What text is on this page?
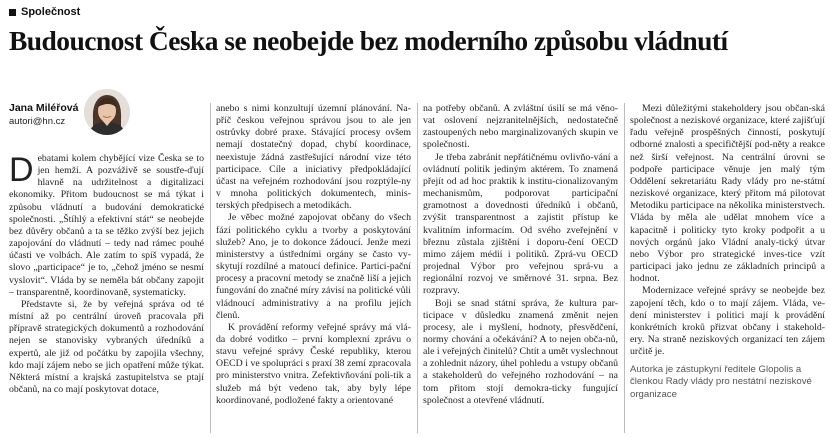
Společnost
Budoucnost Česka se neobejde bez moderního způsobu vládnutí
Jana Miléřová
autori@hn.cz
D ebatami kolem chybějící vize Česka se to jen hemží. A pozváživě se soustře-ďují hlavně na udržitelnost a digitalizaci ekonomiky. Přitom budoucnost se má týkat i způsobu vládnutí a budování demokratické společnosti. „Štíhlý a efektivní stát“ se neobejde bez důvěry občanů a ta se těžko zvýší bez jejich zapojování do vládnutí – tedy nad rámec pouhé účasti ve volbách. Ale zatím to spíš vypadá, že slovo „participace“ je to, „čehož jméno se nesmí vyslovit“. Vláda by se neměla bát občany zapojit – transparentně, koordinovaně, systematicky.

Představte si, že by veřejná správa od té místní až po centrální úroveň pracovala při přípravě strategických dokumentů a rozhodování nejen se stanovisky vybraných úředníků a expertů, ale již od počátku by zapojila všechny, kdo mají zájem nebo se jich opatření může týkat. Některá místní a krajská zastupitelstva se ptají občanů, na co mají poskytovat dotace,

anebo s nimi konzultují územní plánování. Na-příč českou veřejnou správou jsou to ale jen ostrůvky dobré praxe. Stávající procesy ovšem nemají dostatečný dopad, chybí koordinace, neexistuje žádná zastřešující národní vize této participace. Cíle a iniciativy předpokládající účast na veřejném rozhodování jsou rozptýle-ny v mnoha politických dokumentech, minis-terských předpisech a metodikách.

Je věbec možné zapojovat občany do všech fází politického cyklu a tvorby a poskytování služeb? Ano, je to dokonce žádoucí. Jenže mezi ministerstvy a ústředními orgány se často vy-skytují rozdílné a matoucí definice. Partici-pační procesy a pracovní metody se značně liší a jejich fungování do značné míry závisí na politické vůli vládnoucí administrativy a na profilu jejích členů.

K provádění reformy veřejné správy má vlá-da dobré voditko – první komplexní zprávu o stavu veřejné správy České republiky, kterou OECD i ve spolupráci s praxí 38 zemí zpracovala pro ministerstvo vnitra. Zefektivňování poli-tik a služeb má být vedeno tak, aby byly lépe koordinované, podložené fakty a orientované

na potřeby občanů. A zvláštní úsilí se má věno-vat oslovení nejzranitelnějších, nedostatečně zastoupených nebo marginalizovaných skupin ve společnosti.

Je třeba zabránit nepřátičnému ovlivňo-vání a ovládnutí politik jediným aktérem. To znamená přejít od ad hoc praktik k institu-cionalizovaným mechanismům, podporovat participační gramotnost a dovednosti úředníků i občanů, zvýšit transparentnost a zajistit přístup ke kvalitním informacím. Od svého zveřejnění v březnu zůstala zjištění i doporu-čení OECD mimo zájem médií i politiků. Zprá-vu OECD projednal Výbor pro veřejnou sprá-vu a regionální rozvoj ve směrnové 31. srpna. Bez rozpravy.

Boji se snad státní správa, že kultura par-ticipace v důsledku znamená změnit nejen procesy, ale i myšlení, hodnoty, přesvědčení, normy chování a očekávání? A to nejen obča-nů, ale i veřejných činitelů? Chtít a umět vyslechnout a zohlednit názory, úhel pohledu a vstupy občanů a stakeholderů do veřejného rozhodování – na tom přitom stojí demokra-ticky fungující společnost a otevřené vládnutí.

Mezi důležitými stakeholdery jsou občan-ská společnost a neziskové organizace, které zajišťují řadu veřejně prospěšných činností, poskytují odborné znalosti a specifičtější pod-něty a reakce než širší veřejnost. Na centrální úrovni se podpoře participace věnuje jen malý tým Oddělení sekretariátu Rady vlády pro ne-státní neziskové organizace, který přitom má pilotovat Metodiku participace na několika ministerstvech. Vláda by měla ale udělat mnohem více a kapacitně i politicky tyto kroky podpořit a u nových orgánů jako Vládní analy-tický útvar nebo Výbor pro strategické inves-tice vzít participaci jako jednu ze základních principů a hodnot.

Modernizace veřejné správy se neobejde bez zapojení těch, kdo o to mají zájem. Vláda, ve-dení ministerstev i politici mají k provádění konkrétních kroků přizvat občany i stakehold-ery. Na straně neziskových organizací ten zájem určitě je.

Autorka je zástupkyní ředitele Glopolis a členkou Rady vlády pro nestátní neziskové organizace
